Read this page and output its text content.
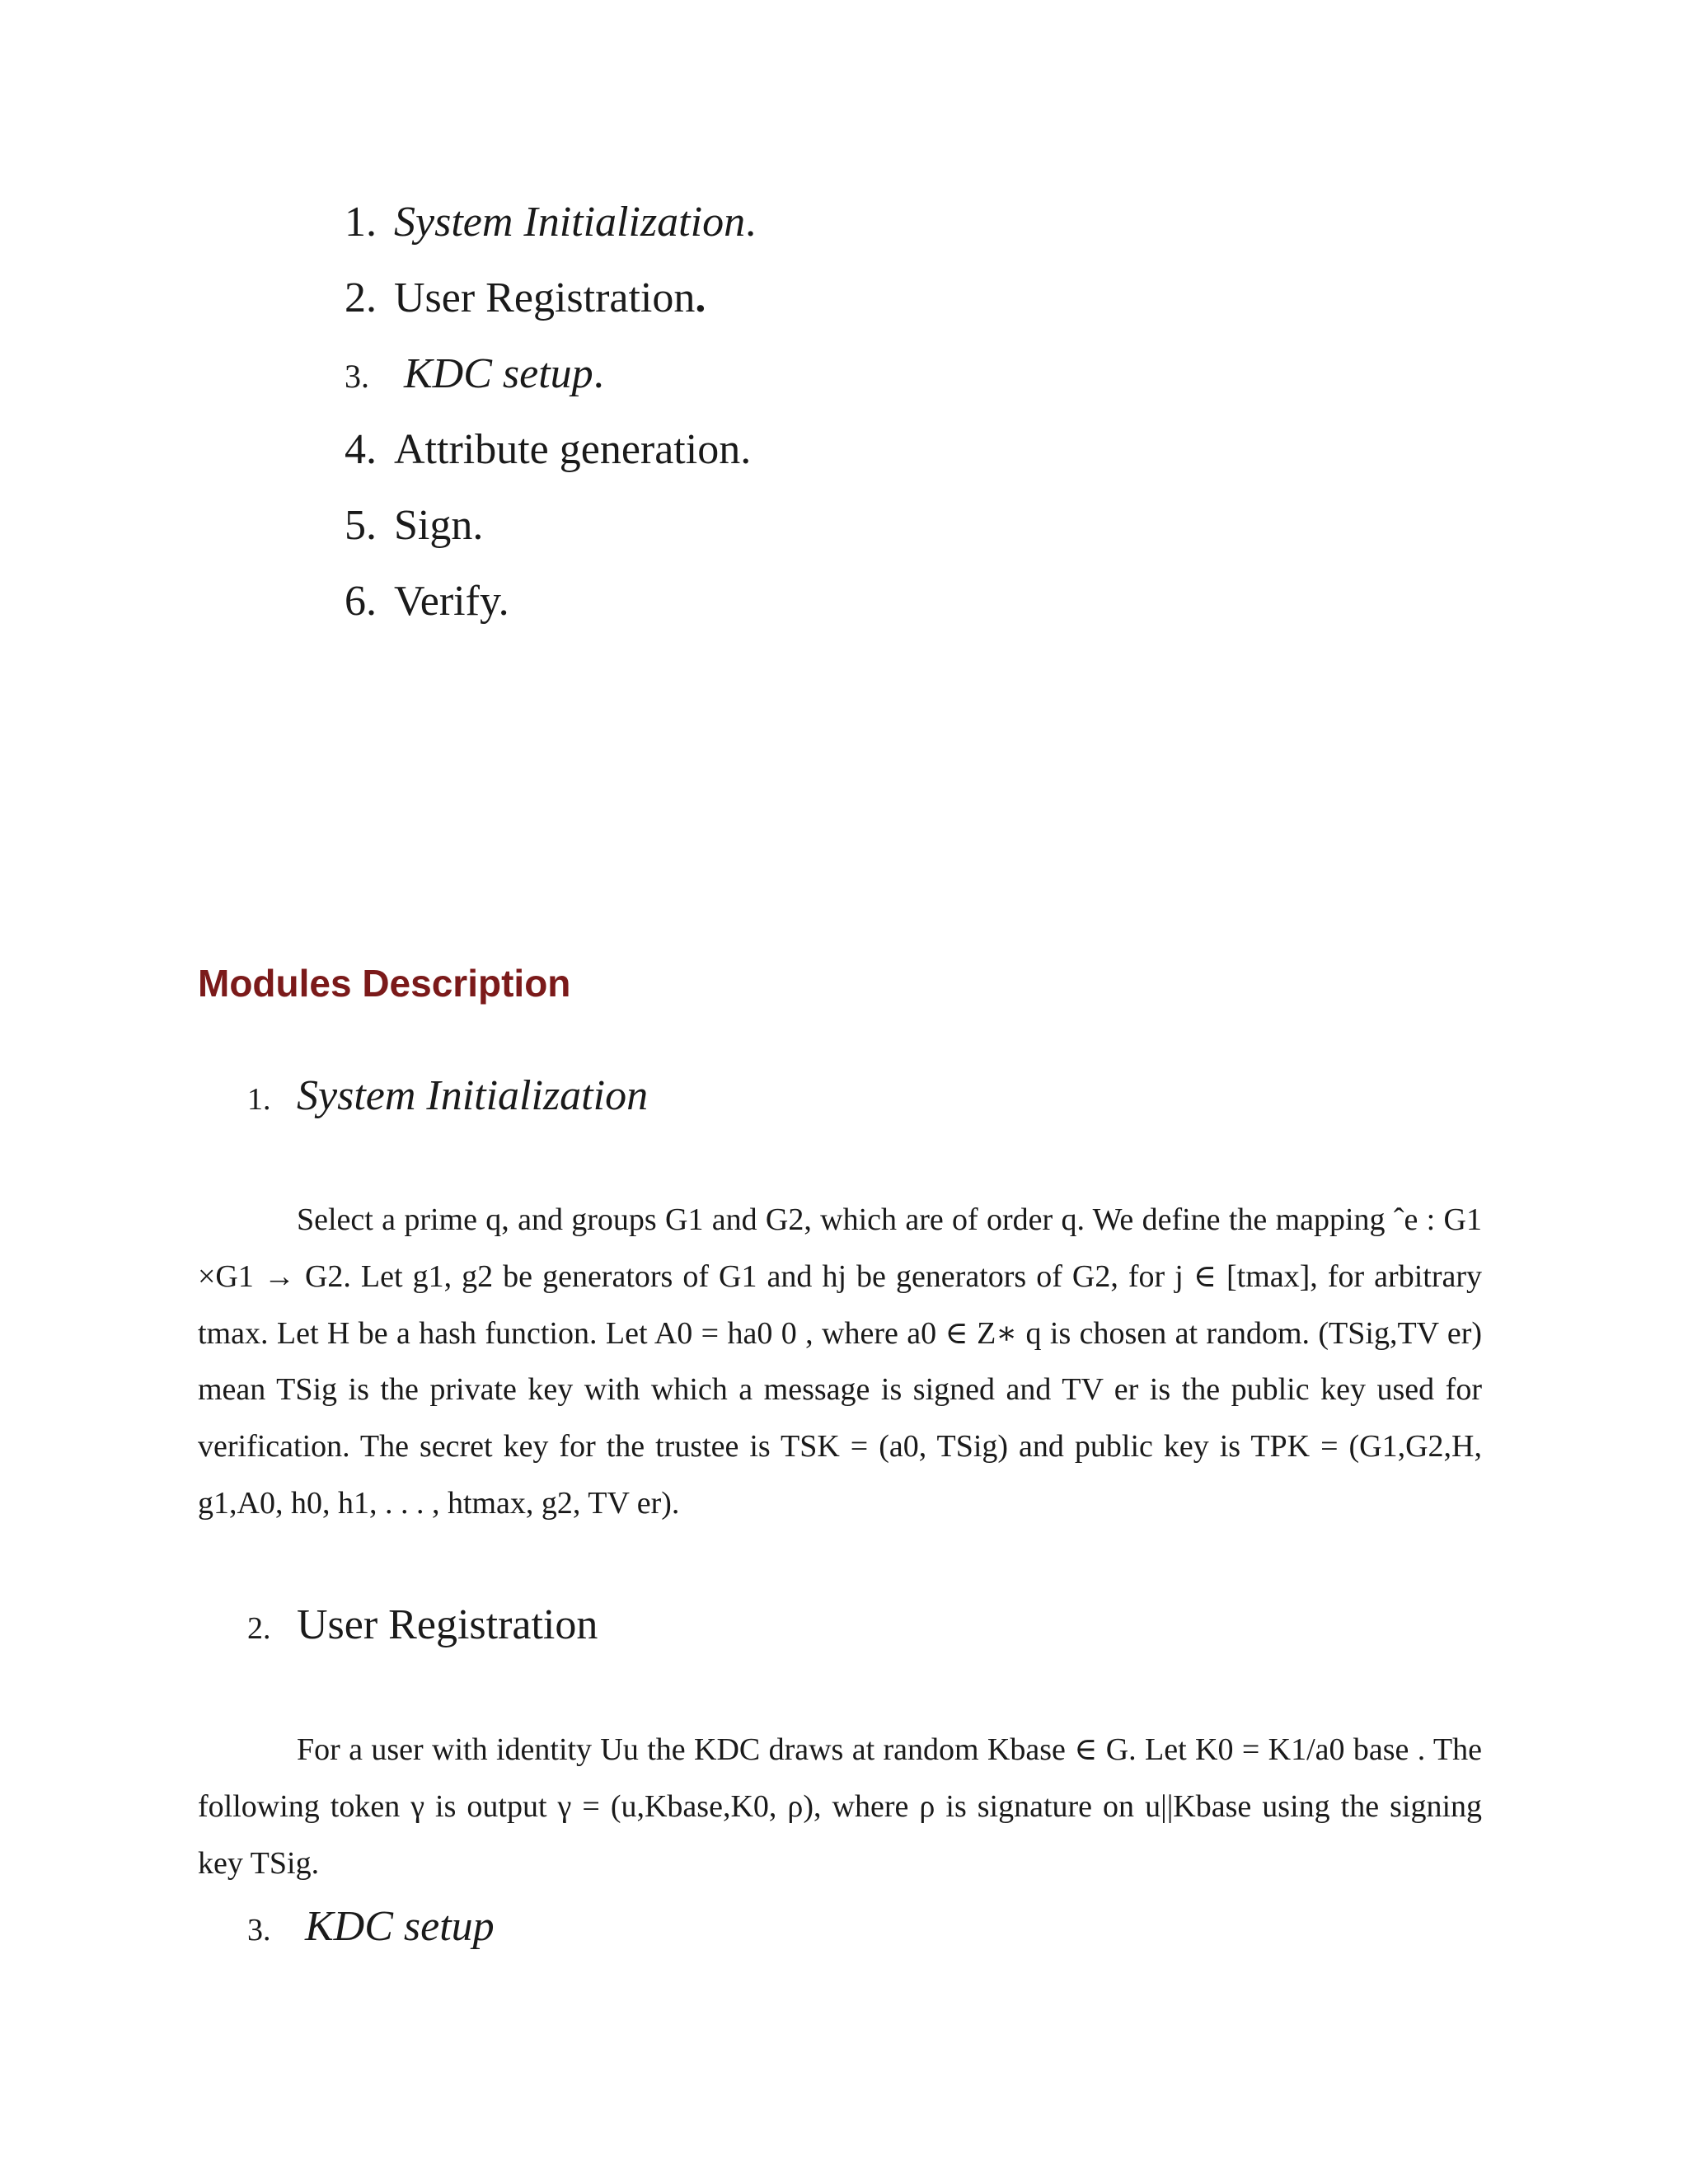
1. System Initialization.
2. User Registration.
3. KDC setup.
4. Attribute generation.
5. Sign.
6. Verify.
Modules Description
1. System Initialization

Select a prime q, and groups G1 and G2, which are of order q. We define the mapping ˆe : G1 ×G1 → G2. Let g1, g2 be generators of G1 and hj be generators of G2, for j ∈ [tmax], for arbitrary tmax. Let H be a hash function. Let A0 = ha0 0 , where a0 ∈ Z∗ q is chosen at random. (TSig,TV er) mean TSig is the private key with which a message is signed and TV er is the public key used for verification. The secret key for the trustee is TSK = (a0, TSig) and public key is TPK = (G1,G2,H, g1,A0, h0, h1, . . . , htmax, g2, TV er).

2. User Registration

For a user with identity Uu the KDC draws at random Kbase ∈ G. Let K0 = K1/a0 base . The following token γ is output γ = (u,Kbase,K0, ρ), where ρ is signature on u||Kbase using the signing key TSig.

3. KDC setup
